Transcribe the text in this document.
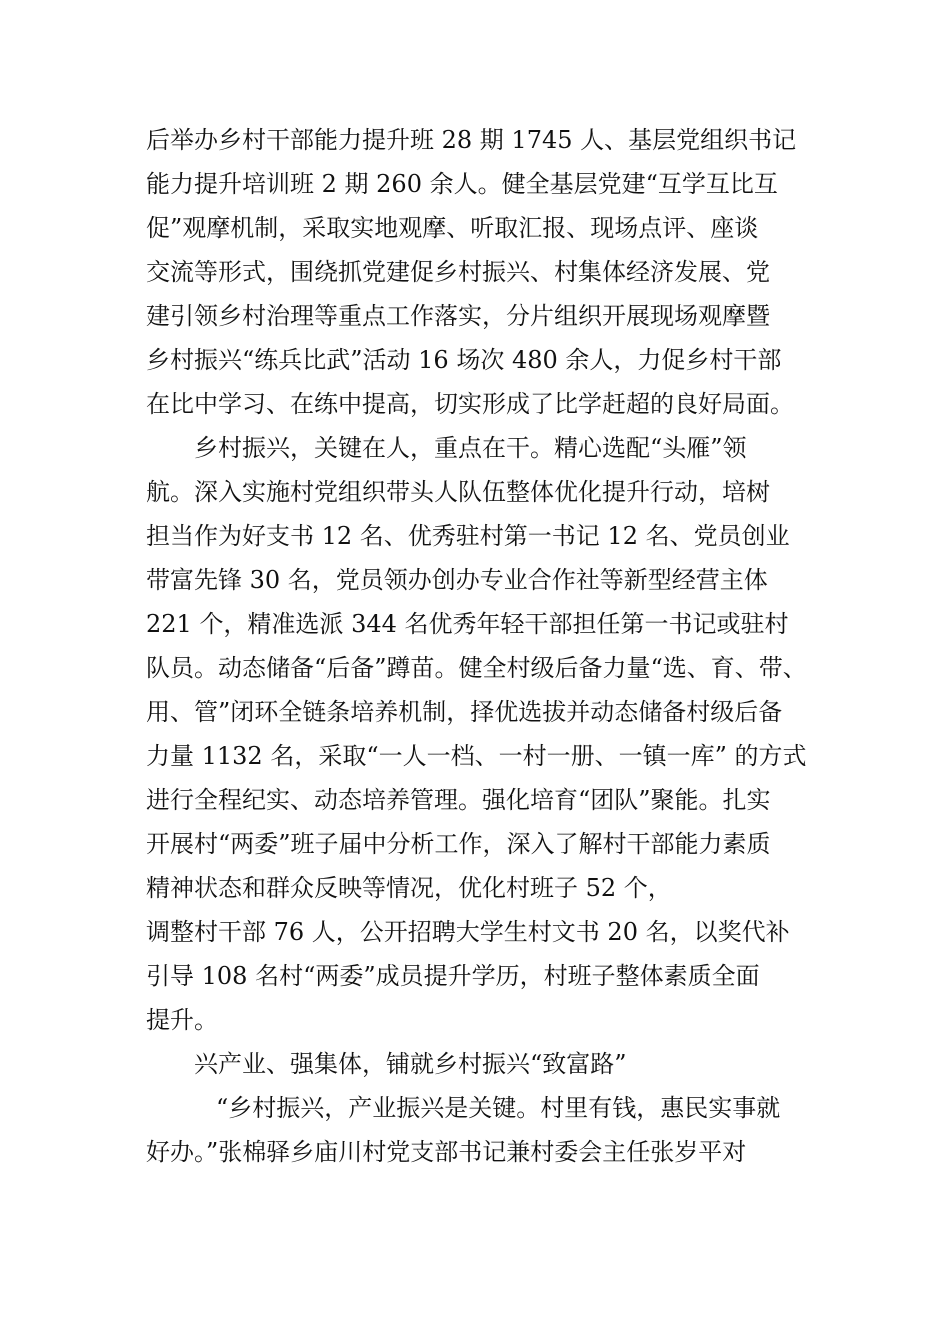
后举办乡村干部能力提升班 28 期 1745 人、基层党组织书记
能力提升培训班 2 期 260 余人。健全基层党建“互学互比互
促”观摩机制，采取实地观摩、听取汇报、现场点评、座谈
交流等形式，围绕抓党建促乡村振兴、村集体经济发展、党
建引领乡村治理等重点工作落实，分片组织开展现场观摩暨
乡村振兴“练兵比武”活动 16 场次 480 余人，力促乡村干部
在比中学习、在练中提高，切实形成了比学赶超的良好局面。
乡村振兴，关键在人，重点在干。精心选配“头雁”领
航。深入实施村党组织带头人队伍整体优化提升行动，培树
担当作为好支书 12 名、优秀驻村第一书记 12 名、党员创业
带富先锋 30 名，党员领办创办专业合作社等新型经营主体
221 个，精准选派 344 名优秀年轻干部担任第一书记或驻村
队员。动态储备“后备”蹲苗。健全村级后备力量“选、育、带、
用、管”闭环全链条培养机制，择优选拔并动态储备村级后备
力量 1132 名，采取“一人一档、一村一册、一镇一库” 的方式
进行全程纪实、动态培养管理。强化培育“团队”聚能。扎实
开展村“两委”班子届中分析工作，深入了解村干部能力素质
精神状态和群众反映等情况，优化村班子 52 个，
调整村干部 76 人，公开招聘大学生村文书 20 名，以奖代补
引导 108 名村“两委”成员提升学历，村班子整体素质全面
提升。
兴产业、强集体，铺就乡村振兴“致富路”
“乡村振兴，产业振兴是关键。村里有钱，惠民实事就
好办。”张棉驿乡庙川村党支部书记兼村委会主任张岁平对
